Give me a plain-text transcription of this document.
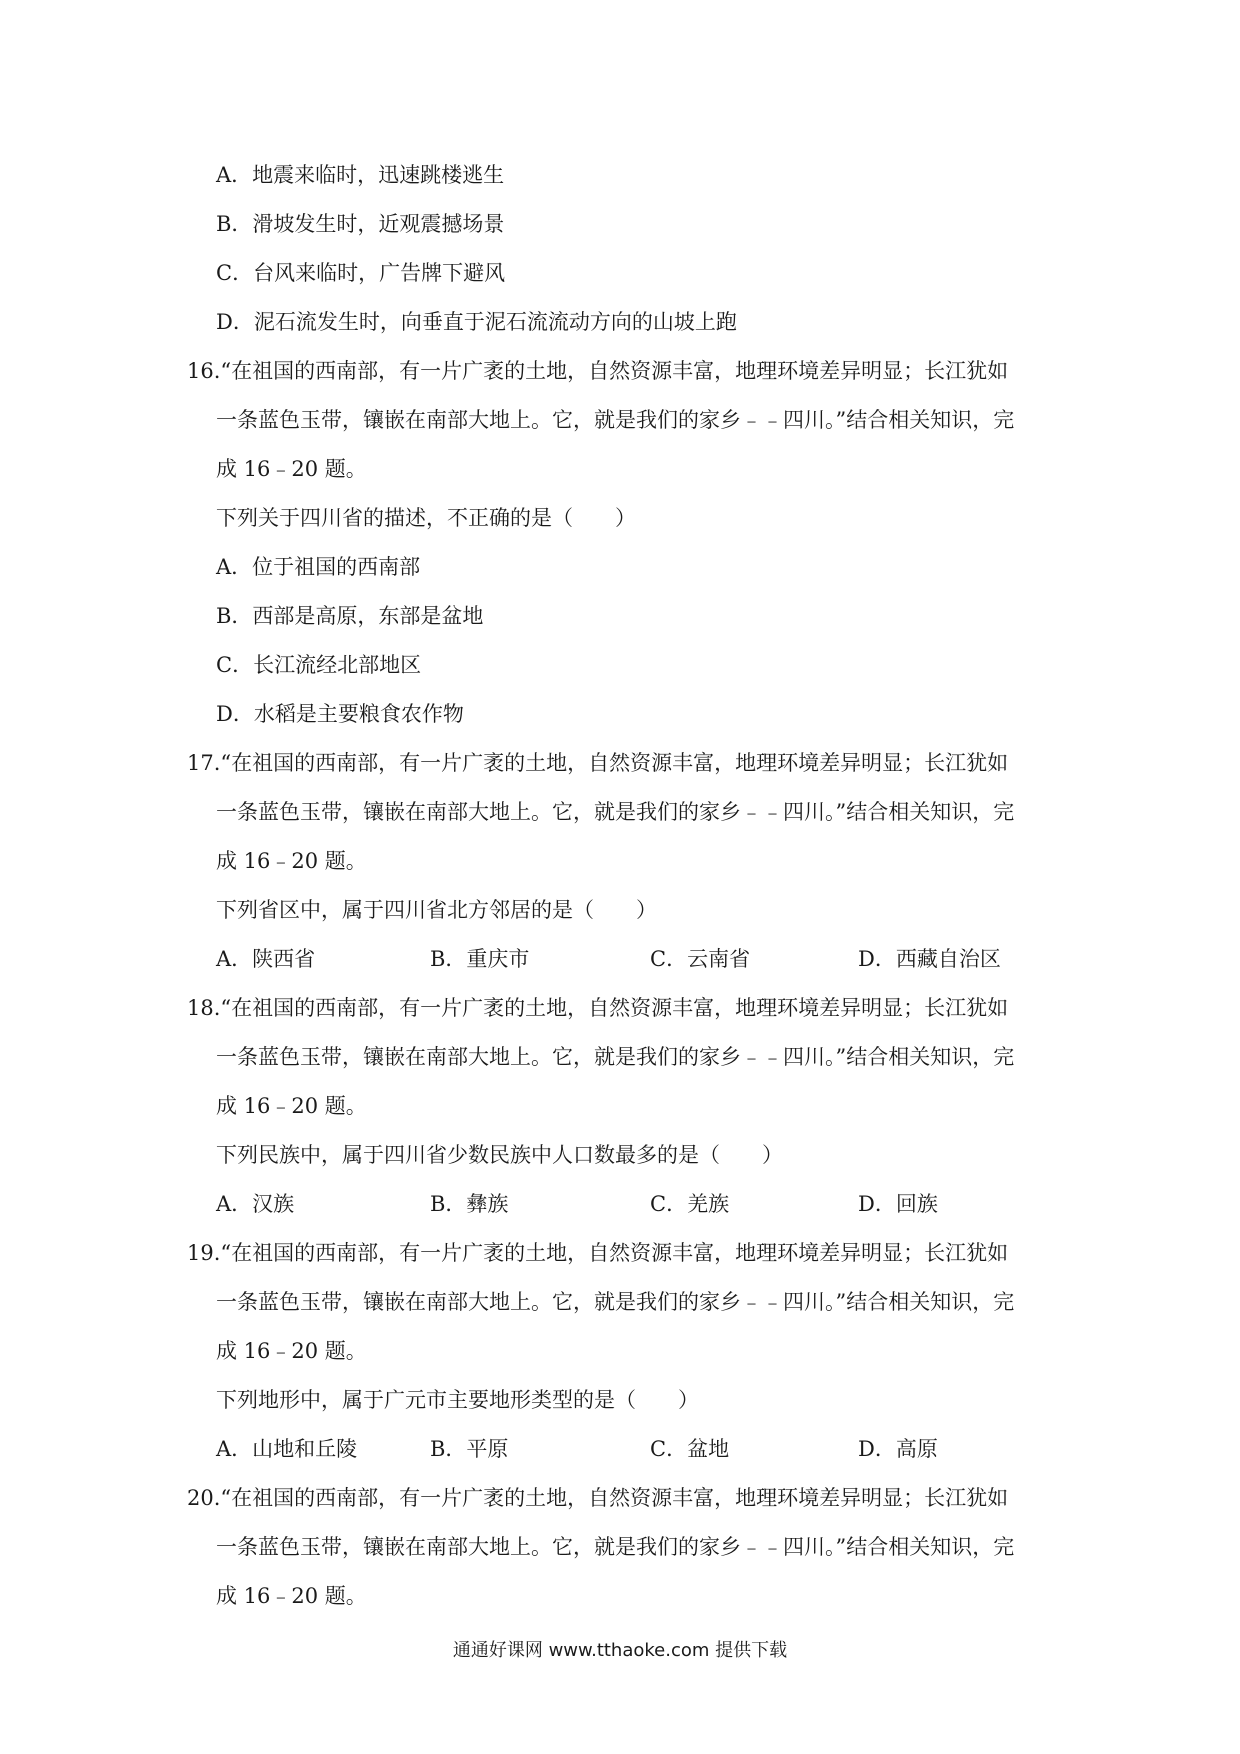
A．地震来临时，迅速跳楼逃生
B．滑坡发生时，近观震撼场景
C．台风来临时，广告牌下避风
D．泥石流发生时，向垂直于泥石流流动方向的山坡上跑
16.“在祖国的西南部，有一片广袤的土地，自然资源丰富，地理环境差异明显；长江犹如
一条蓝色玉带，镶嵌在南部大地上。它，就是我们的家乡﹣﹣四川。”结合相关知识，完
成 16﹣20 题。
下列关于四川省的描述，不正确的是（　　）
A．位于祖国的西南部
B．西部是高原，东部是盆地
C．长江流经北部地区
D．水稻是主要粮食农作物
17.“在祖国的西南部，有一片广袤的土地，自然资源丰富，地理环境差异明显；长江犹如
一条蓝色玉带，镶嵌在南部大地上。它，就是我们的家乡﹣﹣四川。”结合相关知识，完
成 16﹣20 题。
下列省区中，属于四川省北方邻居的是（　　）
A．陕西省	B．重庆市	C．云南省	D．西藏自治区
18.“在祖国的西南部，有一片广袤的土地，自然资源丰富，地理环境差异明显；长江犹如
一条蓝色玉带，镶嵌在南部大地上。它，就是我们的家乡﹣﹣四川。”结合相关知识，完
成 16﹣20 题。
下列民族中，属于四川省少数民族中人口数最多的是（　　）
A．汉族	B．彝族	C．羌族	D．回族
19.“在祖国的西南部，有一片广袤的土地，自然资源丰富，地理环境差异明显；长江犹如
一条蓝色玉带，镶嵌在南部大地上。它，就是我们的家乡﹣﹣四川。”结合相关知识，完
成 16﹣20 题。
下列地形中，属于广元市主要地形类型的是（　　）
A．山地和丘陵	B．平原	C．盆地	D．高原
20.“在祖国的西南部，有一片广袤的土地，自然资源丰富，地理环境差异明显；长江犹如
一条蓝色玉带，镶嵌在南部大地上。它，就是我们的家乡﹣﹣四川。”结合相关知识，完
成 16﹣20 题。
通通好课网 www.tthaoke.com 提供下载
